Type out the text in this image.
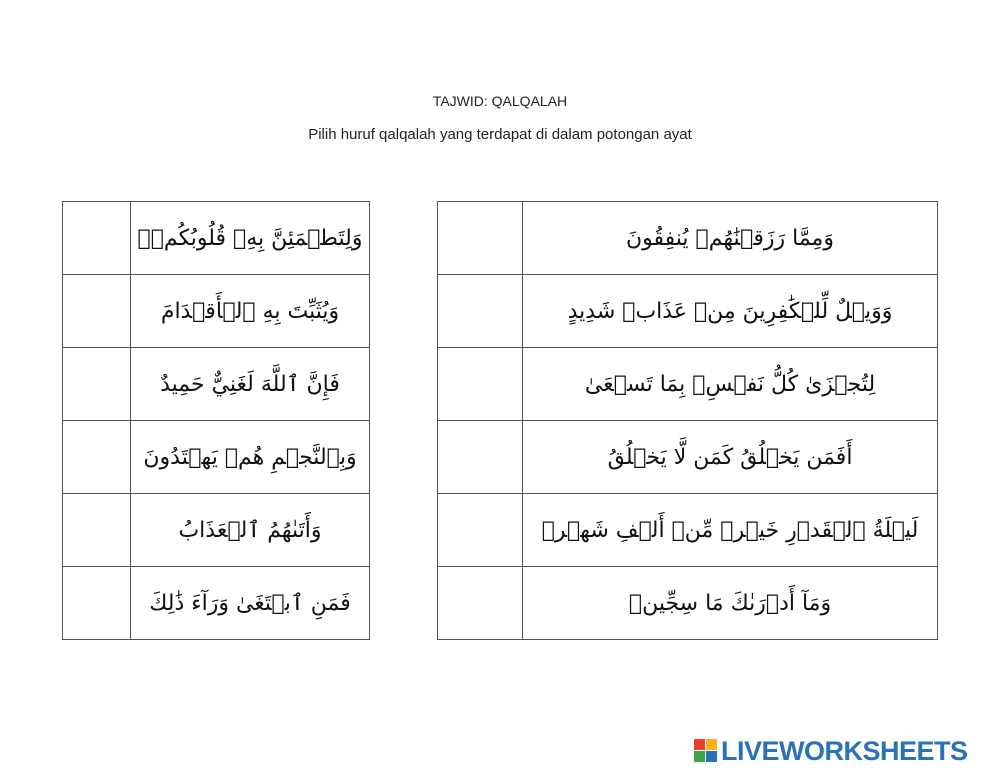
TAJWID: QALQALAH
Pilih huruf qalqalah yang terdapat di dalam potongan ayat
	وَلِتَطۡمَئِنَّ بِهِۦ قُلُوبُكُمۡۚ
	وَيُثَبِّتَ بِهِ ٱلۡأَقۡدَامَ
	فَإِنَّ ٱللَّهَ لَغَنِيٌّ حَمِيدٌ
	وَبِٱلنَّجۡمِ هُمۡ يَهۡتَدُونَ
	وَأَتَىٰهُمُ ٱلۡعَذَابُ
	فَمَنِ ٱبۡتَغَىٰ وَرَآءَ ذَٰلِكَ
	وَمِمَّا رَزَقۡنَٰهُمۡ يُنفِقُونَ
	وَوَيۡلٌ لِّلۡكَٰفِرِينَ مِنۡ عَذَابٖ شَدِيدٍ
	لِتُجۡزَىٰ كُلُّ نَفۡسِۭ بِمَا تَسۡعَىٰ
	أَفَمَن يَخۡلُقُ كَمَن لَّا يَخۡلُقُ
	لَيۡلَةُ ٱلۡقَدۡرِ خَيۡرٞ مِّنۡ أَلۡفِ شَهۡرٖ
	وَمَآ أَدۡرَىٰكَ مَا سِجِّينٞ
LIVEWORKSHEETS
